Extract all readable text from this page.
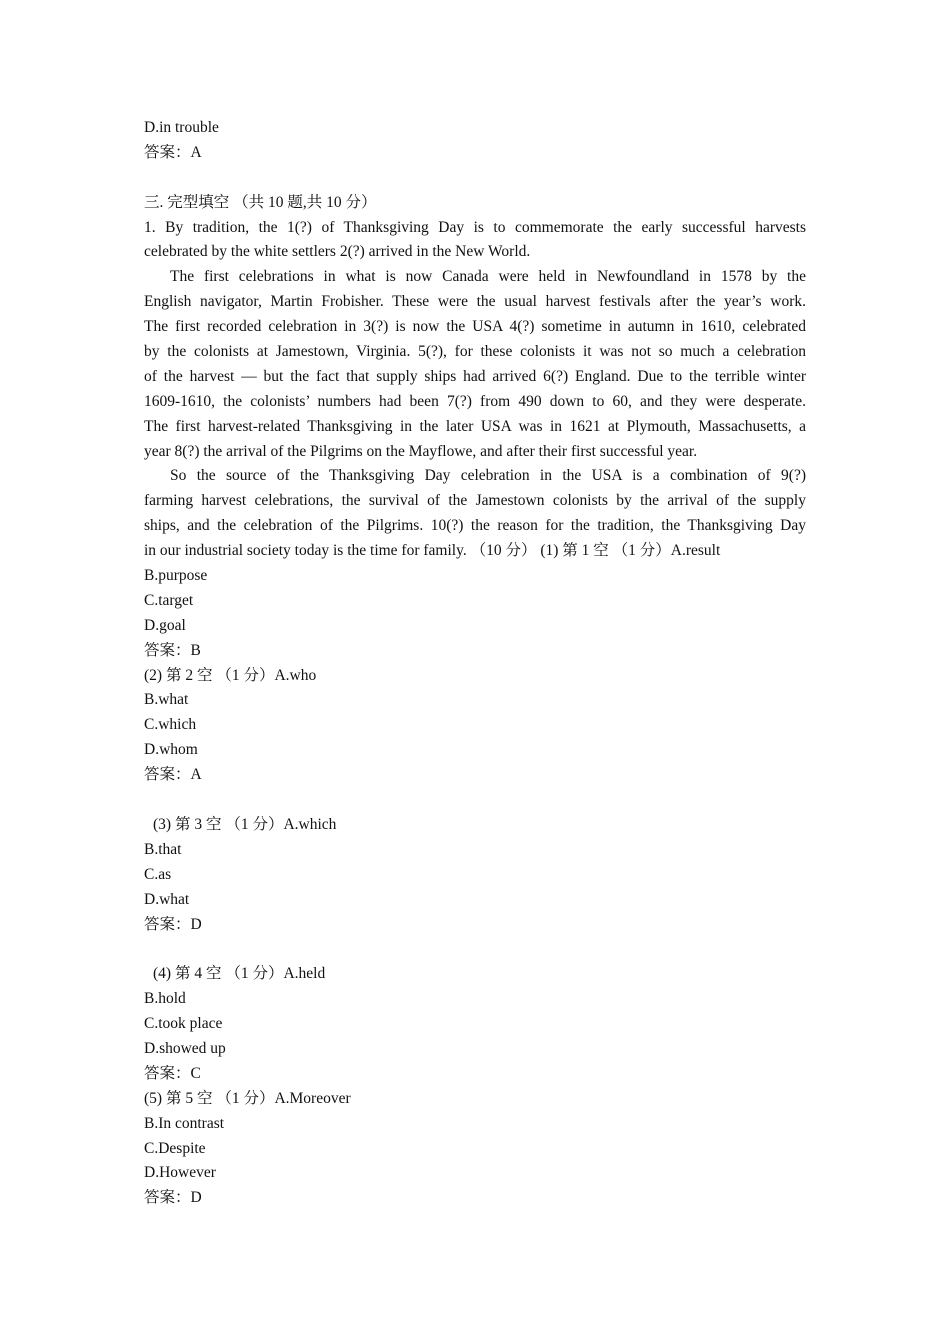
D.in trouble
答案：A
三. 完型填空 （共 10 题,共 10 分）
1. By tradition, the 1(?) of Thanksgiving Day is to commemorate the early successful harvests
celebrated by the white settlers 2(?) arrived in the New World.
The first celebrations in what is now Canada were held in Newfoundland in 1578 by the
English navigator, Martin Frobisher. These were the usual harvest festivals after the year’s work.
The first recorded celebration in 3(?) is now the USA 4(?) sometime in autumn in 1610, celebrated
by the colonists at Jamestown, Virginia. 5(?), for these colonists it was not so much a celebration
of the harvest — but the fact that supply ships had arrived 6(?) England. Due to the terrible winter
1609-1610, the colonists’ numbers had been 7(?) from 490 down to 60, and they were desperate.
The first harvest-related Thanksgiving in the later USA was in 1621 at Plymouth, Massachusetts, a
year 8(?) the arrival of the Pilgrims on the Mayflowe, and after their first successful year.
So the source of the Thanksgiving Day celebration in the USA is a combination of 9(?)
farming harvest celebrations, the survival of the Jamestown colonists by the arrival of the supply
ships, and the celebration of the Pilgrims. 10(?) the reason for the tradition, the Thanksgiving Day
in our industrial society today is the time for family. （10 分） (1) 第 1 空 （1 分）A.result
B.purpose
C.target
D.goal
答案：B
(2) 第 2 空 （1 分）A.who
B.what
C.which
D.whom
答案：A
(3) 第 3 空 （1 分）A.which
B.that
C.as
D.what
答案：D
(4) 第 4 空 （1 分）A.held
B.hold
C.took place
D.showed up
答案：C
(5) 第 5 空 （1 分）A.Moreover
B.In contrast
C.Despite
D.However
答案：D
